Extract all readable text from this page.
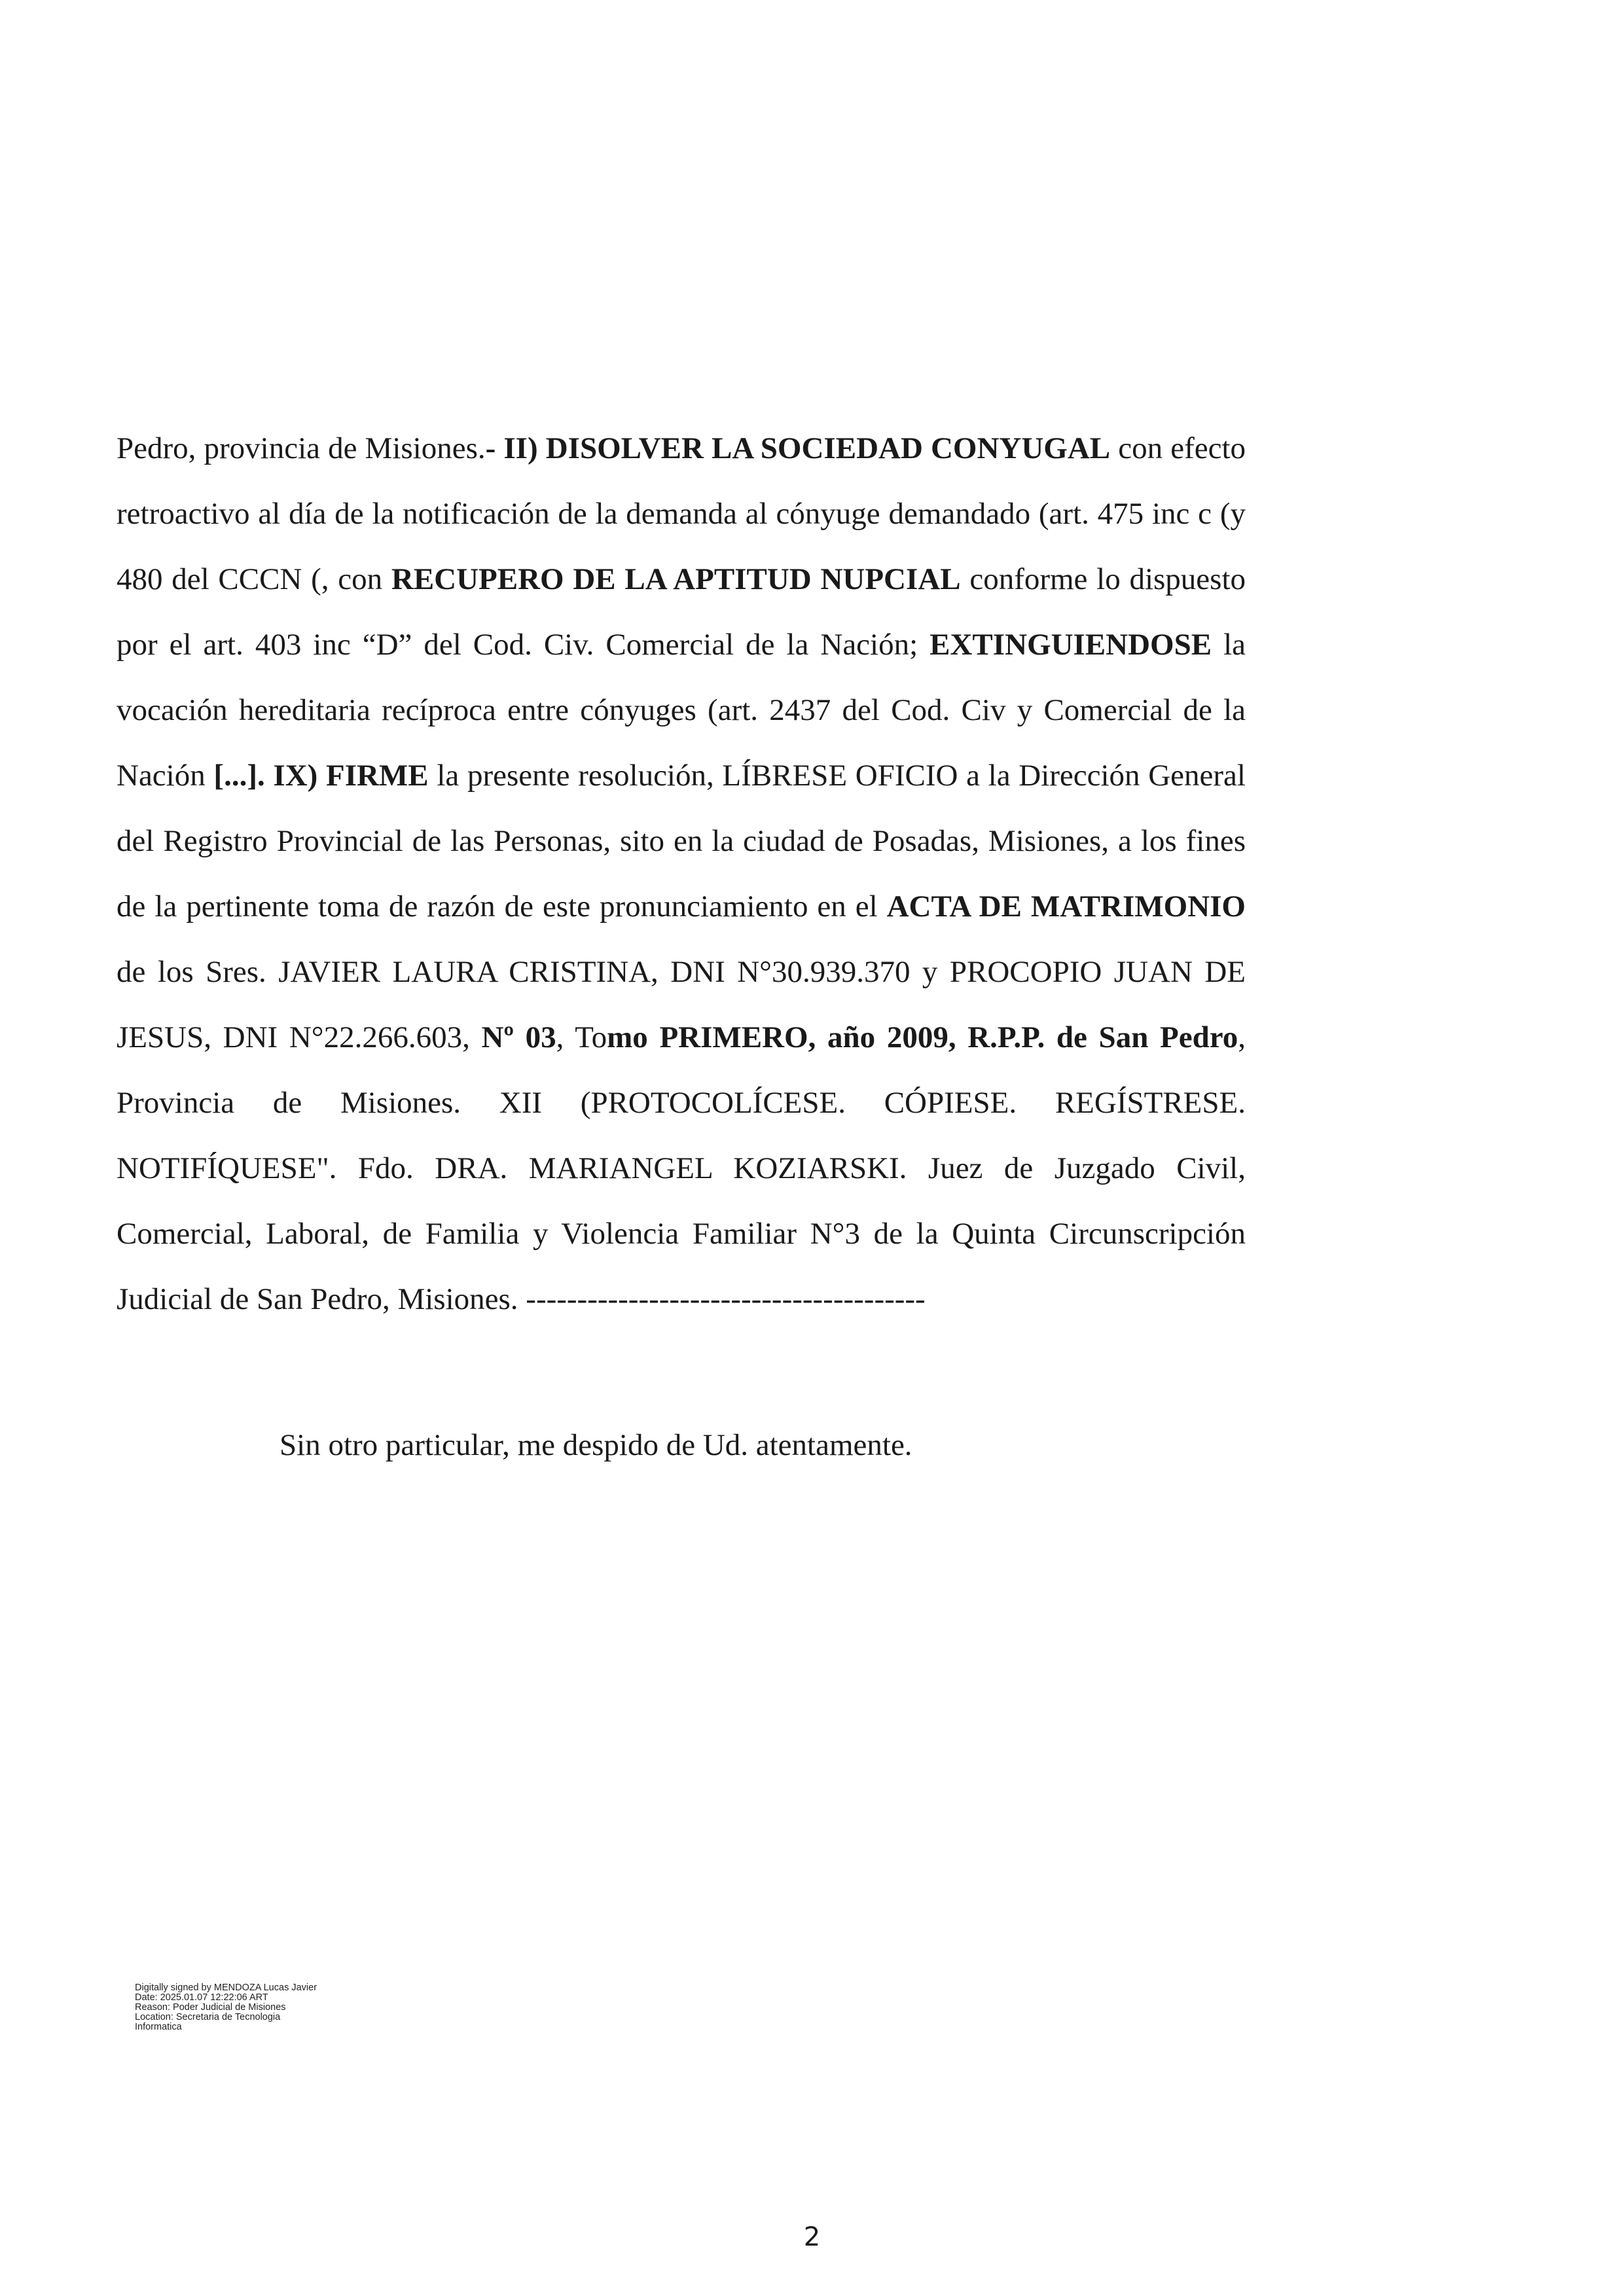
Pedro, provincia de Misiones.- II) DISOLVER LA SOCIEDAD CONYUGAL con efecto retroactivo al día de la notificación de la demanda al cónyuge demandado (art. 475 inc c (y 480 del CCCN (, con RECUPERO DE LA APTITUD NUPCIAL conforme lo dispuesto por el art. 403 inc “D” del Cod. Civ. Comercial de la Nación; EXTINGUIENDOSE la vocación hereditaria recíproca entre cónyuges (art. 2437 del Cod. Civ y Comercial de la Nación [...]. IX) FIRME la presente resolución, LÍBRESE OFICIO a la Dirección General del Registro Provincial de las Personas, sito en la ciudad de Posadas, Misiones, a los fines de la pertinente toma de razón de este pronunciamiento en el ACTA DE MATRIMONIO de los Sres. JAVIER LAURA CRISTINA, DNI N°30.939.370 y PROCOPIO JUAN DE JESUS, DNI N°22.266.603, Nº 03, Tomo PRIMERO, año 2009, R.P.P. de San Pedro, Provincia de Misiones. XII (PROTOCOLÍCESE. CÓPIESE. REGÍSTRESE. NOTIFÍQUESE". Fdo. DRA. MARIANGEL KOZIARSKI. Juez de Juzgado Civil, Comercial, Laboral, de Familia y Violencia Familiar N°3 de la Quinta Circunscripción Judicial de San Pedro, Misiones. ---------------------------------------

Sin otro particular, me despido de Ud. atentamente.
Digitally signed by MENDOZA Lucas Javier
Date: 2025.01.07 12:22:06 ART
Reason: Poder Judicial de Misiones
Location: Secretaria de Tecnologia
Informatica
2
